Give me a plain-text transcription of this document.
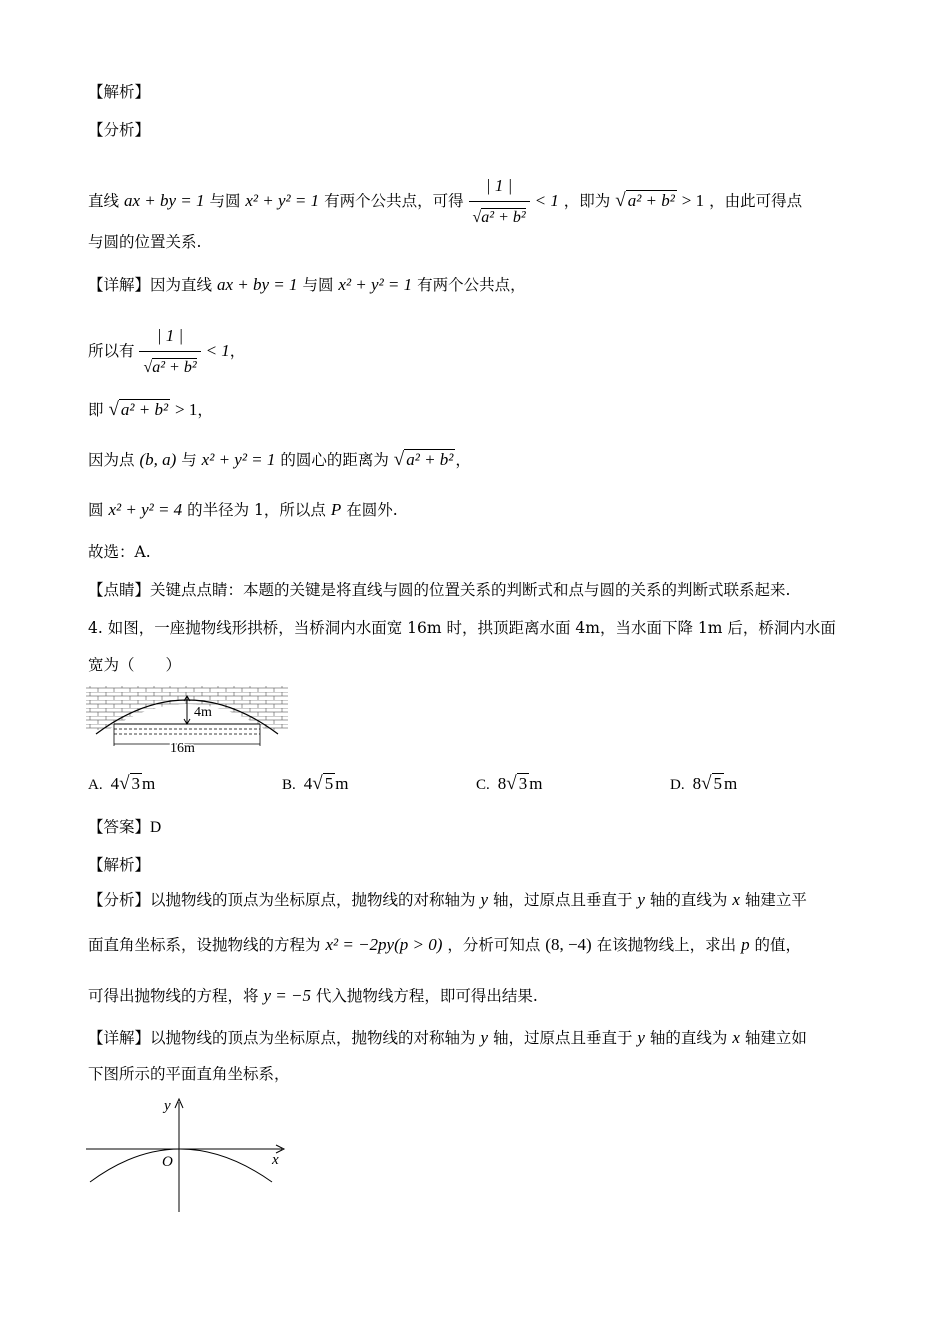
【解析】
【分析】
直线 ax + by = 1 与圆 x² + y² = 1 有两个公共点，可得 $\frac{| 1 |}{\text{√a² + b²}} < 1$ ，即为 √ a² + b² > 1 ，由此可得点
与圆的位置关系.
【详解】因为直线 ax + by = 1 与圆 x² + y² = 1 有两个公共点，
所以有 $\frac{| 1 |}{\text{√a² + b²}} < 1$，
即 √ a² + b² > 1，
因为点 (b, a) 与 x² + y² = 1 的圆心的距离为 √ a² + b² ，
圆 x² + y² = 4 的半径为 1，所以点 P 在圆外.
故选：A.
【点睛】关键点点睛：本题的关键是将直线与圆的位置关系的判断式和点与圆的关系的判断式联系起来.
4. 如图，一座抛物线形拱桥，当桥洞内水面宽 16m 时，拱顶距离水面 4m，当水面下降 1m 后，桥洞内水面
宽为（　　）
4m
16m
A. 4√ 3 m	B. 4√ 5 m	C. 8√ 3 m	D. 8√ 5 m
【答案】D
【解析】
【分析】以抛物线的顶点为坐标原点，抛物线的对称轴为 y 轴，过原点且垂直于 y 轴的直线为 x 轴建立平
面直角坐标系，设抛物线的方程为 x² = −2py(p > 0) ，分析可知点 (8, −4) 在该抛物线上，求出 p 的值，
可得出抛物线的方程，将 y = −5 代入抛物线方程，即可得出结果.
【详解】以抛物线的顶点为坐标原点，抛物线的对称轴为 y 轴，过原点且垂直于 y 轴的直线为 x 轴建立如
下图所示的平面直角坐标系，
y
x
O
